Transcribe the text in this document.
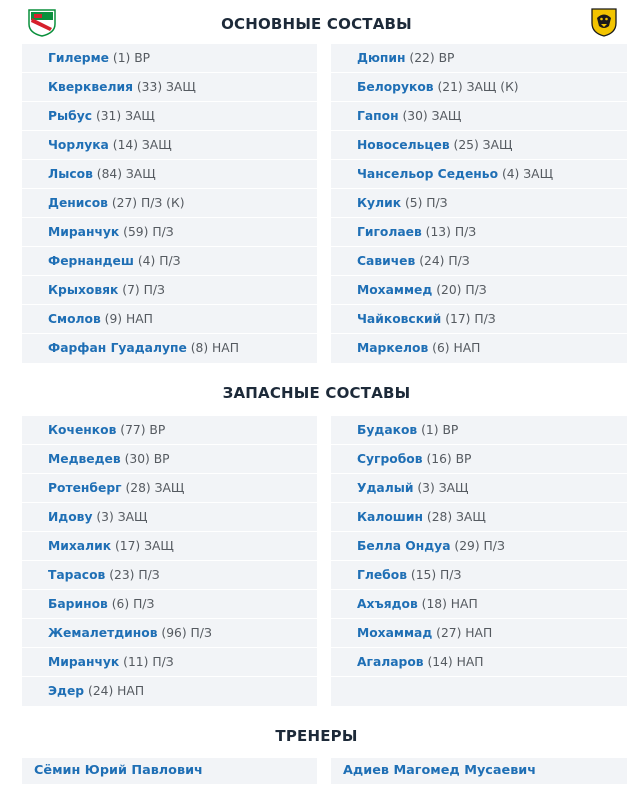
ОСНОВНЫЕ СОСТАВЫ
Гилерме (1) ВР
Кверквелия (33) ЗАЩ
Рыбус (31) ЗАЩ
Чорлука (14) ЗАЩ
Лысов (84) ЗАЩ
Денисов (27) П/З (К)
Миранчук (59) П/З
Фернандеш (4) П/З
Крыховяк (7) П/З
Смолов (9) НАП
Фарфан Гуадалупе (8) НАП
Дюпин (22) ВР
Белоруков (21) ЗАЩ (К)
Гапон (30) ЗАЩ
Новосельцев (25) ЗАЩ
Чансельор Седеньо (4) ЗАЩ
Кулик (5) П/З
Гиголаев (13) П/З
Савичев (24) П/З
Мохаммед (20) П/З
Чайковский (17) П/З
Маркелов (6) НАП
ЗАПАСНЫЕ СОСТАВЫ
Коченков (77) ВР
Медведев (30) ВР
Ротенберг (28) ЗАЩ
Идову (3) ЗАЩ
Михалик (17) ЗАЩ
Тарасов (23) П/З
Баринов (6) П/З
Жемалетдинов (96) П/З
Миранчук (11) П/З
Эдер (24) НАП
Будаков (1) ВР
Сугробов (16) ВР
Удалый (3) ЗАЩ
Калошин (28) ЗАЩ
Белла Ондуа (29) П/З
Глебов (15) П/З
Ахъядов (18) НАП
Мохаммад (27) НАП
Агаларов (14) НАП
ТРЕНЕРЫ
Сёмин Юрий Павлович	Адиев Магомед Мусаевич
